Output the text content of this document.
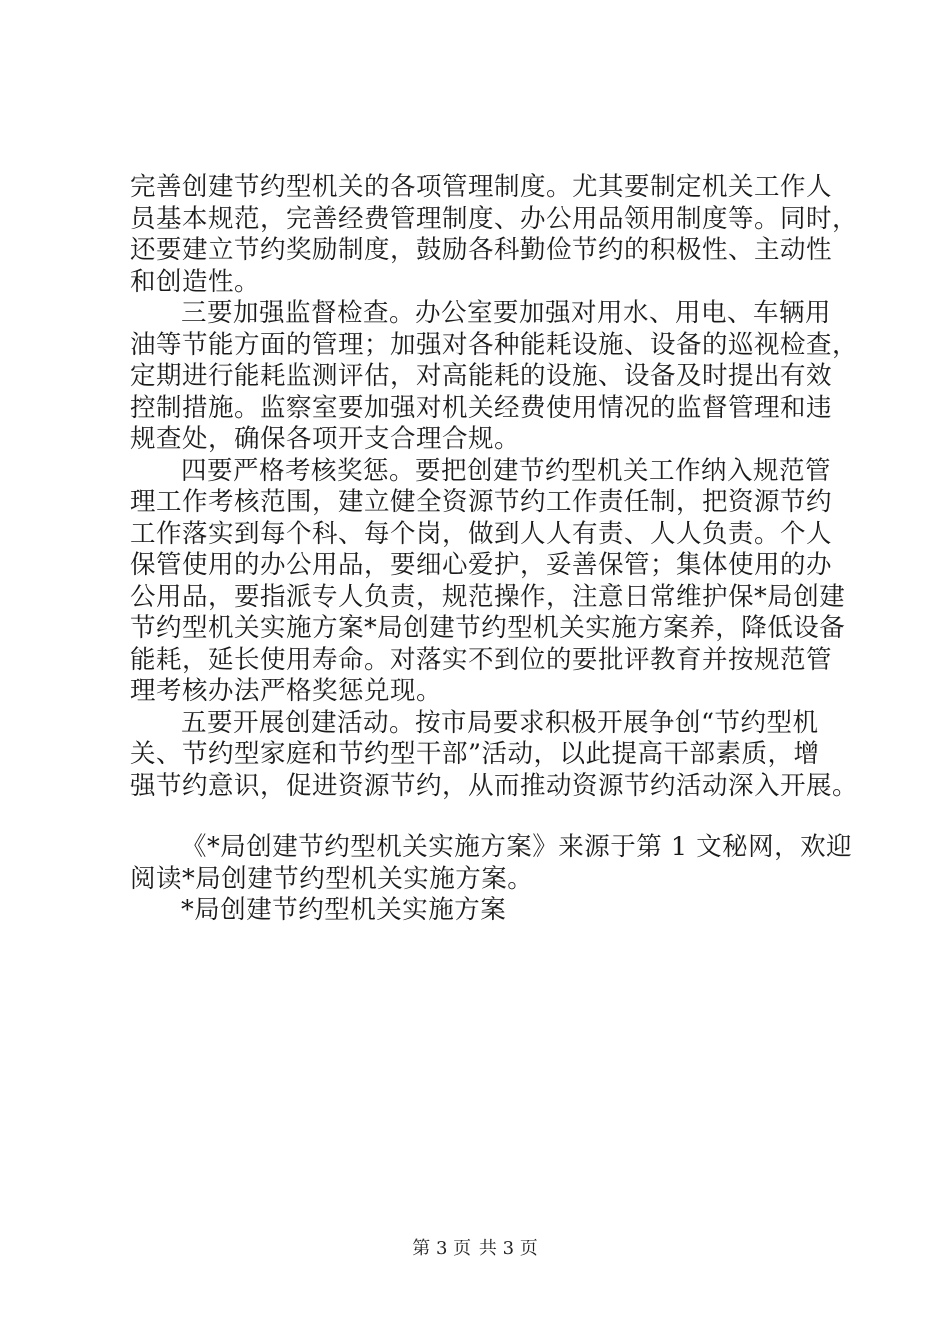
完善创建节约型机关的各项管理制度。尤其要制定机关工作人
员基本规范，完善经费管理制度、办公用品领用制度等。同时，
还要建立节约奖励制度，鼓励各科勤俭节约的积极性、主动性
和创造性。
三要加强监督检查。办公室要加强对用水、用电、车辆用
油等节能方面的管理；加强对各种能耗设施、设备的巡视检查，
定期进行能耗监测评估，对高能耗的设施、设备及时提出有效
控制措施。监察室要加强对机关经费使用情况的监督管理和违
规查处，确保各项开支合理合规。
四要严格考核奖惩。要把创建节约型机关工作纳入规范管
理工作考核范围，建立健全资源节约工作责任制，把资源节约
工作落实到每个科、每个岗，做到人人有责、人人负责。个人
保管使用的办公用品，要细心爱护，妥善保管；集体使用的办
公用品，要指派专人负责，规范操作，注意日常维护保*局创建
节约型机关实施方案*局创建节约型机关实施方案养，降低设备
能耗，延长使用寿命。对落实不到位的要批评教育并按规范管
理考核办法严格奖惩兑现。
五要开展创建活动。按市局要求积极开展争创“节约型机
关、节约型家庭和节约型干部”活动，以此提高干部素质，增
强节约意识，促进资源节约，从而推动资源节约活动深入开展。
《*局创建节约型机关实施方案》来源于第 1 文秘网，欢迎
阅读*局创建节约型机关实施方案。
*局创建节约型机关实施方案
第 3 页 共 3 页
